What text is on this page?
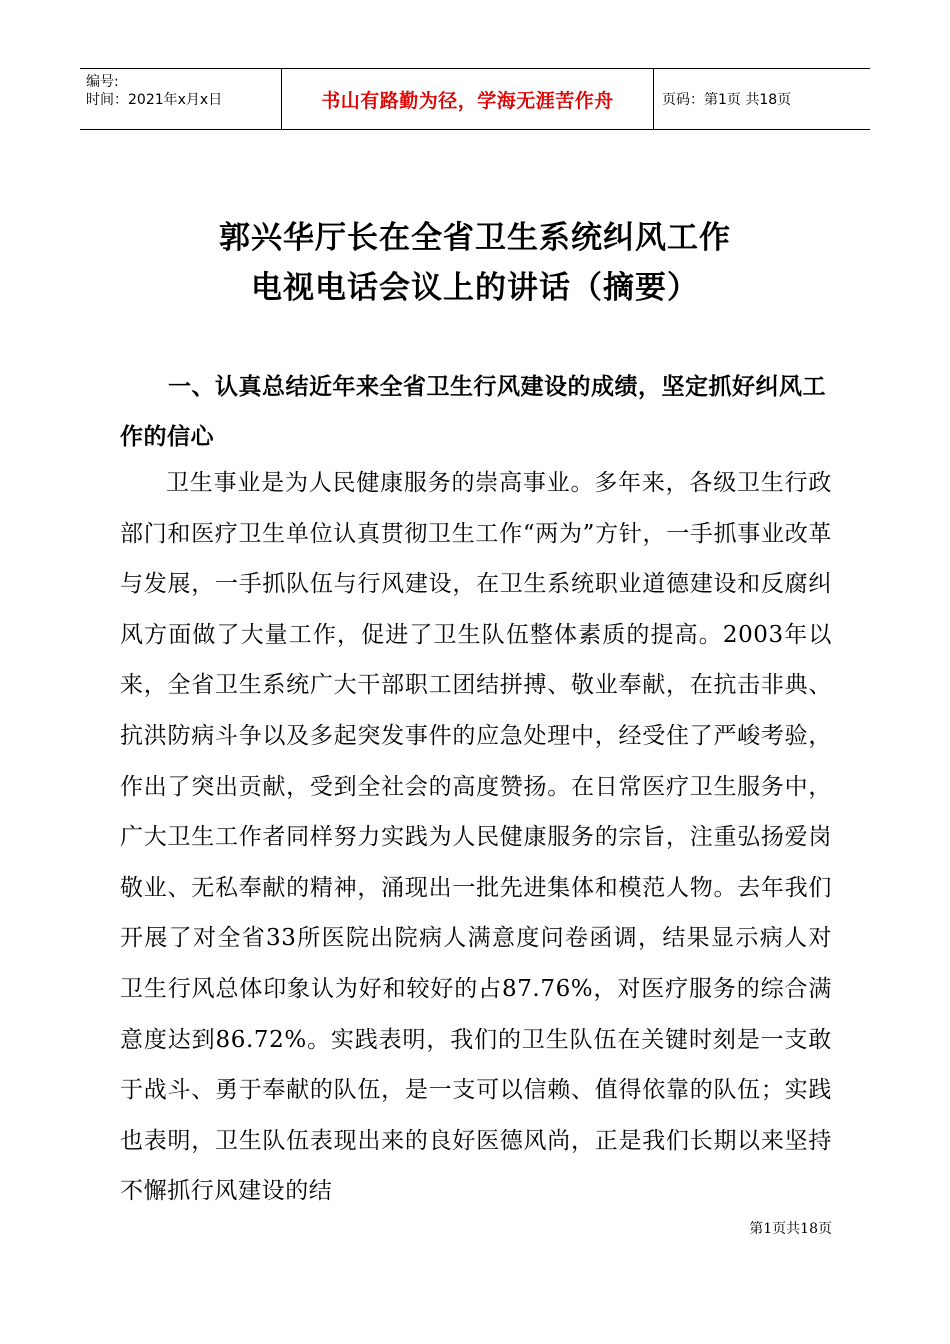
编号:
时间：2021年x月x日	书山有路勤为径，学海无涯苦作舟	页码：第1页 共18页
郭兴华厅长在全省卫生系统纠风工作
电视电话会议上的讲话（摘要）
一、认真总结近年来全省卫生行风建设的成绩，坚定抓好纠风工作的信心
卫生事业是为人民健康服务的崇高事业。多年来，各级卫生行政部门和医疗卫生单位认真贯彻卫生工作“两为”方针，一手抓事业改革与发展，一手抓队伍与行风建设，在卫生系统职业道德建设和反腐纠风方面做了大量工作，促进了卫生队伍整体素质的提高。2003年以来，全省卫生系统广大干部职工团结拼搏、敬业奉献，在抗击非典、抗洪防病斗争以及多起突发事件的应急处理中，经受住了严峻考验，作出了突出贡献，受到全社会的高度赞扬。在日常医疗卫生服务中，广大卫生工作者同样努力实践为人民健康服务的宗旨，注重弘扬爱岗敬业、无私奉献的精神，涌现出一批先进集体和模范人物。去年我们开展了对全省33所医院出院病人满意度问卷函调，结果显示病人对卫生行风总体印象认为好和较好的占87.76%，对医疗服务的综合满意度达到86.72%。实践表明，我们的卫生队伍在关键时刻是一支敢于战斗、勇于奉献的队伍，是一支可以信赖、值得依靠的队伍；实践也表明，卫生队伍表现出来的良好医德风尚，正是我们长期以来坚持不懈抓行风建设的结
第1页共18页
